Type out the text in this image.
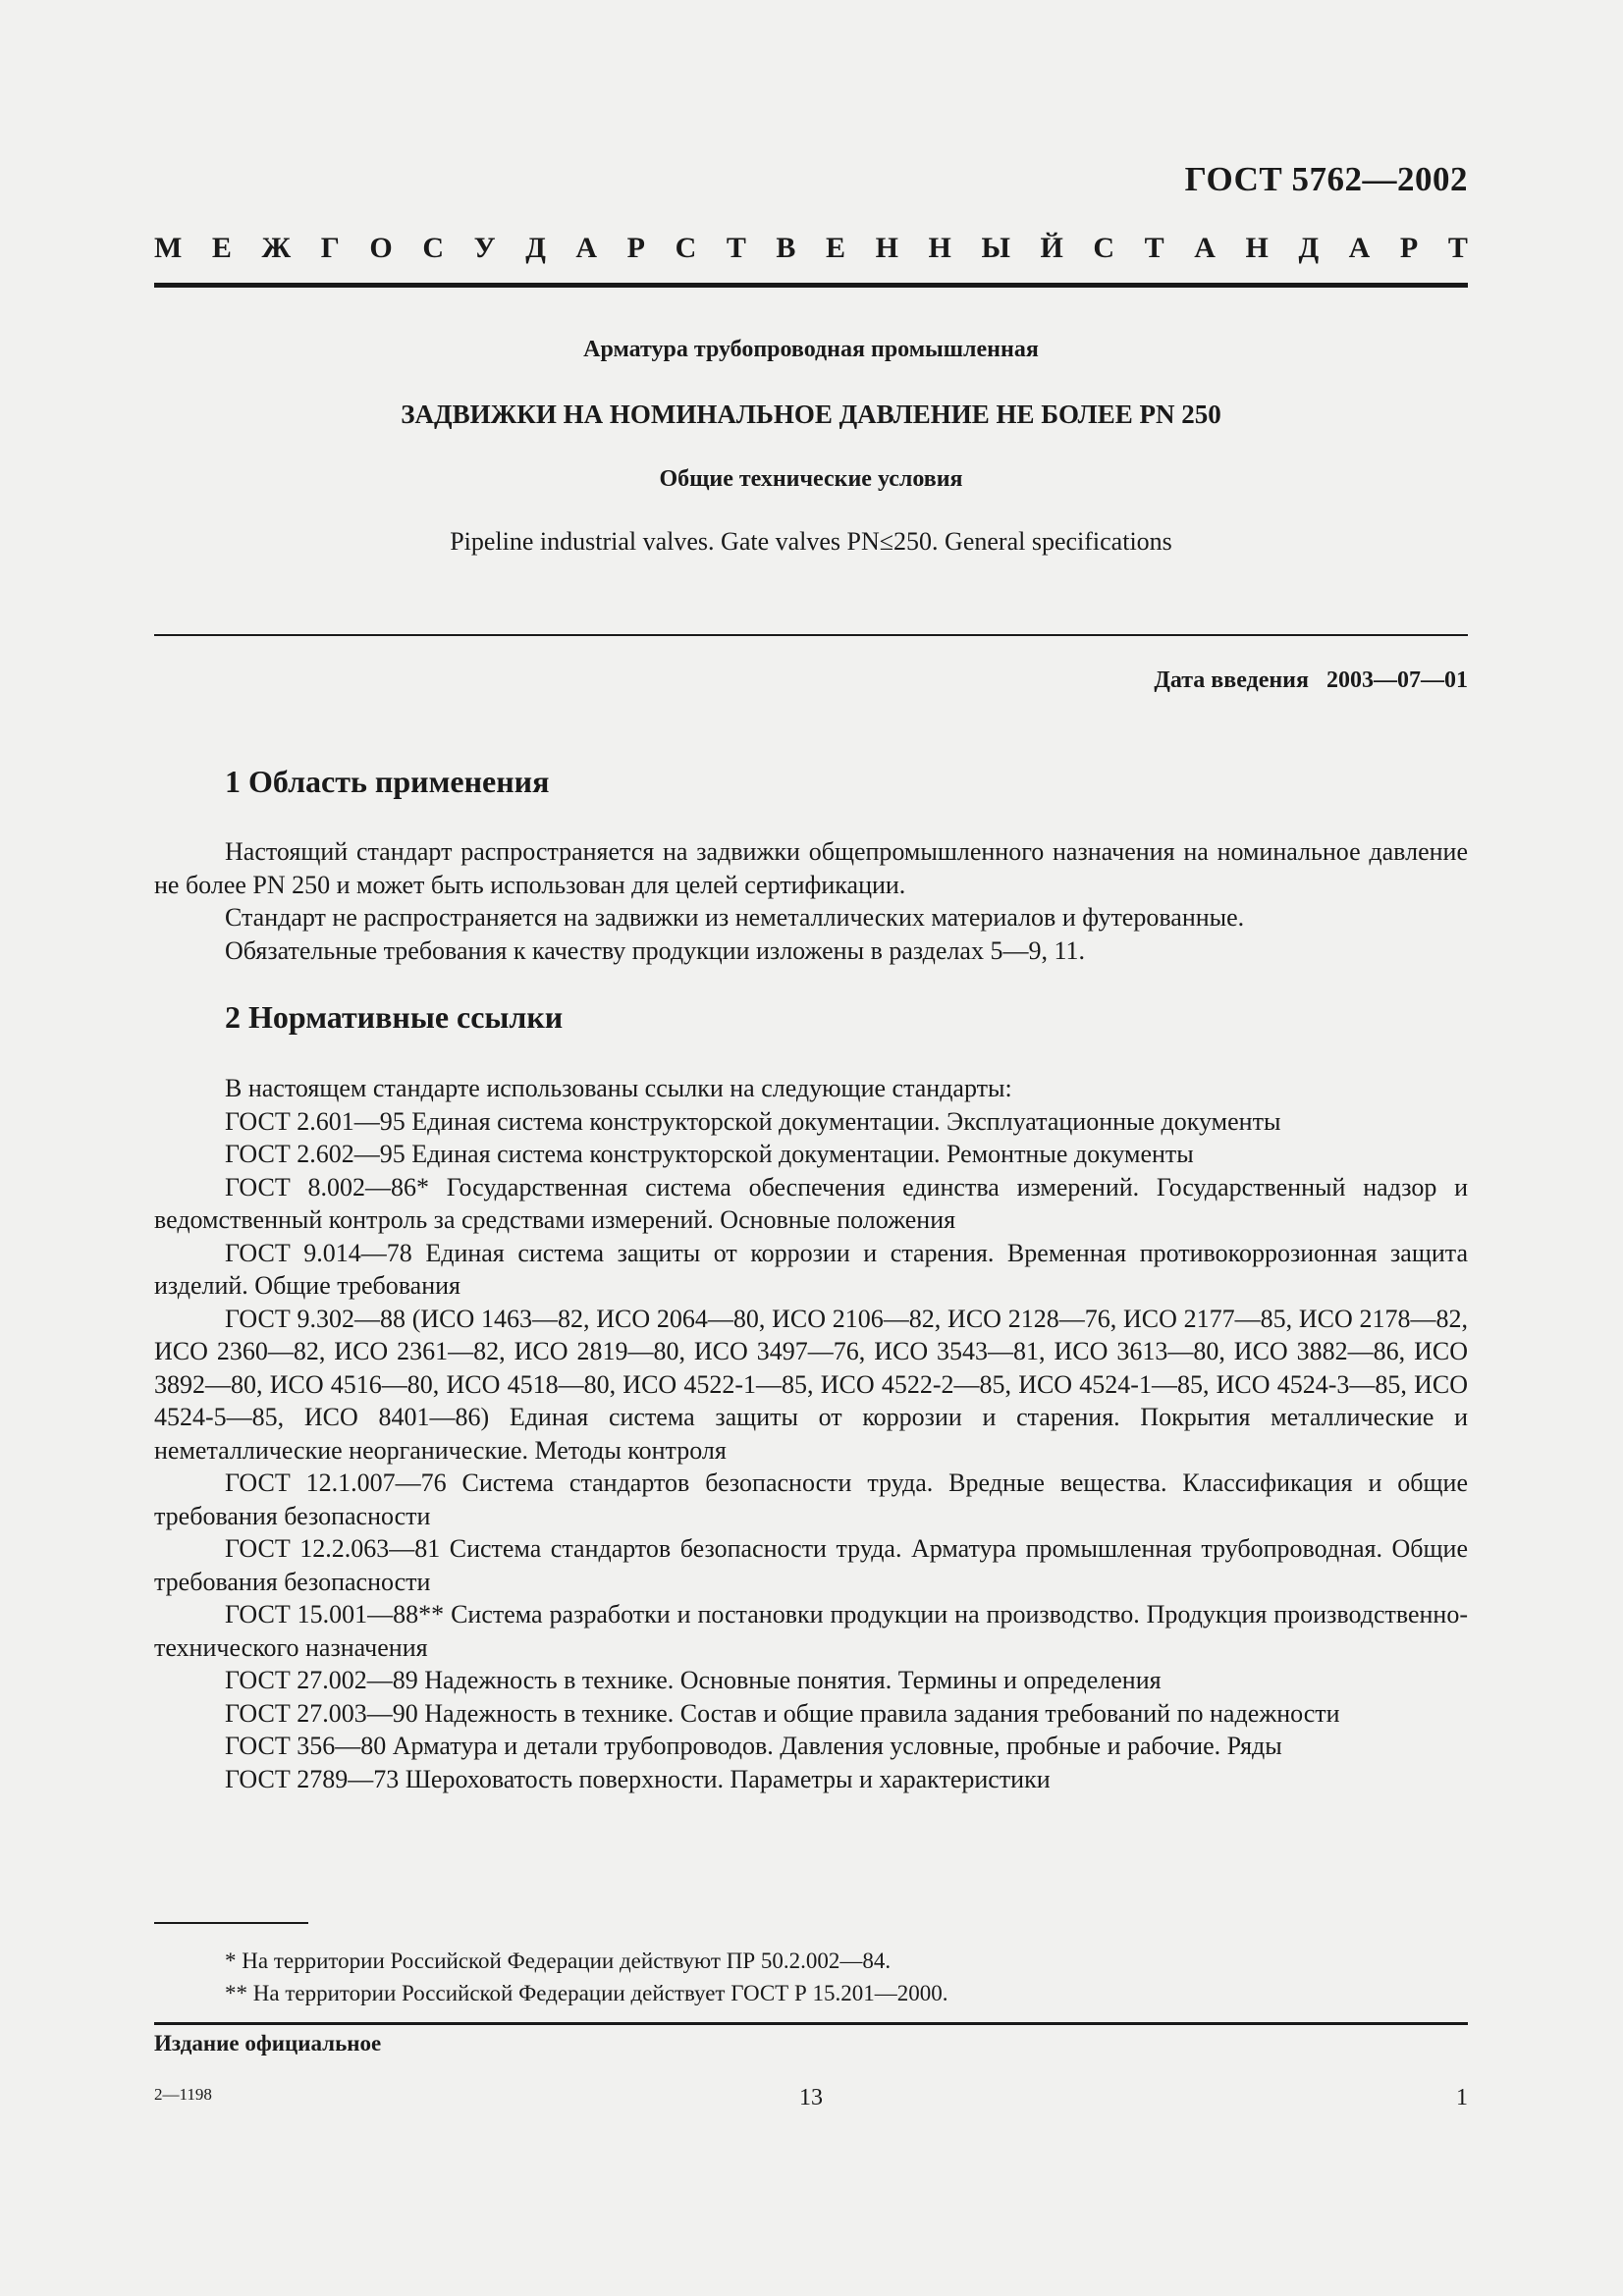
ГОСТ 5762—2002
М Е Ж Г О С У Д А Р С Т В Е Н Н Ы Й С Т А Н Д А Р Т
Арматура трубопроводная промышленная
ЗАДВИЖКИ НА НОМИНАЛЬНОЕ ДАВЛЕНИЕ НЕ БОЛЕЕ PN 250
Общие технические условия
Pipeline industrial valves. Gate valves PN≤250. General specifications
Дата введения 2003—07—01
1 Область применения

Настоящий стандарт распространяется на задвижки общепромышленного назначения на номинальное давление не более PN 250 и может быть использован для целей сертификации.

Стандарт не распространяется на задвижки из неметаллических материалов и футерованные.

Обязательные требования к качеству продукции изложены в разделах 5—9, 11.

2 Нормативные ссылки

В настоящем стандарте использованы ссылки на следующие стандарты:

ГОСТ 2.601—95 Единая система конструкторской документации. Эксплуатационные документы

ГОСТ 2.602—95 Единая система конструкторской документации. Ремонтные документы

ГОСТ 8.002—86* Государственная система обеспечения единства измерений. Государственный надзор и ведомственный контроль за средствами измерений. Основные положения

ГОСТ 9.014—78 Единая система защиты от коррозии и старения. Временная противокоррозионная защита изделий. Общие требования

ГОСТ 9.302—88 (ИСО 1463—82, ИСО 2064—80, ИСО 2106—82, ИСО 2128—76, ИСО 2177—85, ИСО 2178—82, ИСО 2360—82, ИСО 2361—82, ИСО 2819—80, ИСО 3497—76, ИСО 3543—81, ИСО 3613—80, ИСО 3882—86, ИСО 3892—80, ИСО 4516—80, ИСО 4518—80, ИСО 4522-1—85, ИСО 4522-2—85, ИСО 4524-1—85, ИСО 4524-3—85, ИСО 4524-5—85, ИСО 8401—86) Единая система защиты от коррозии и старения. Покрытия металлические и неметаллические неорганические. Методы контроля

ГОСТ 12.1.007—76 Система стандартов безопасности труда. Вредные вещества. Классификация и общие требования безопасности

ГОСТ 12.2.063—81 Система стандартов безопасности труда. Арматура промышленная трубопроводная. Общие требования безопасности

ГОСТ 15.001—88** Система разработки и постановки продукции на производство. Продукция производственно-технического назначения

ГОСТ 27.002—89 Надежность в технике. Основные понятия. Термины и определения

ГОСТ 27.003—90 Надежность в технике. Состав и общие правила задания требований по надежности

ГОСТ 356—80 Арматура и детали трубопроводов. Давления условные, пробные и рабочие. Ряды

ГОСТ 2789—73 Шероховатость поверхности. Параметры и характеристики

* На территории Российской Федерации действуют ПР 50.2.002—84.

** На территории Российской Федерации действует ГОСТ Р 15.201—2000.

Издание официальное
2—1198	13	1
